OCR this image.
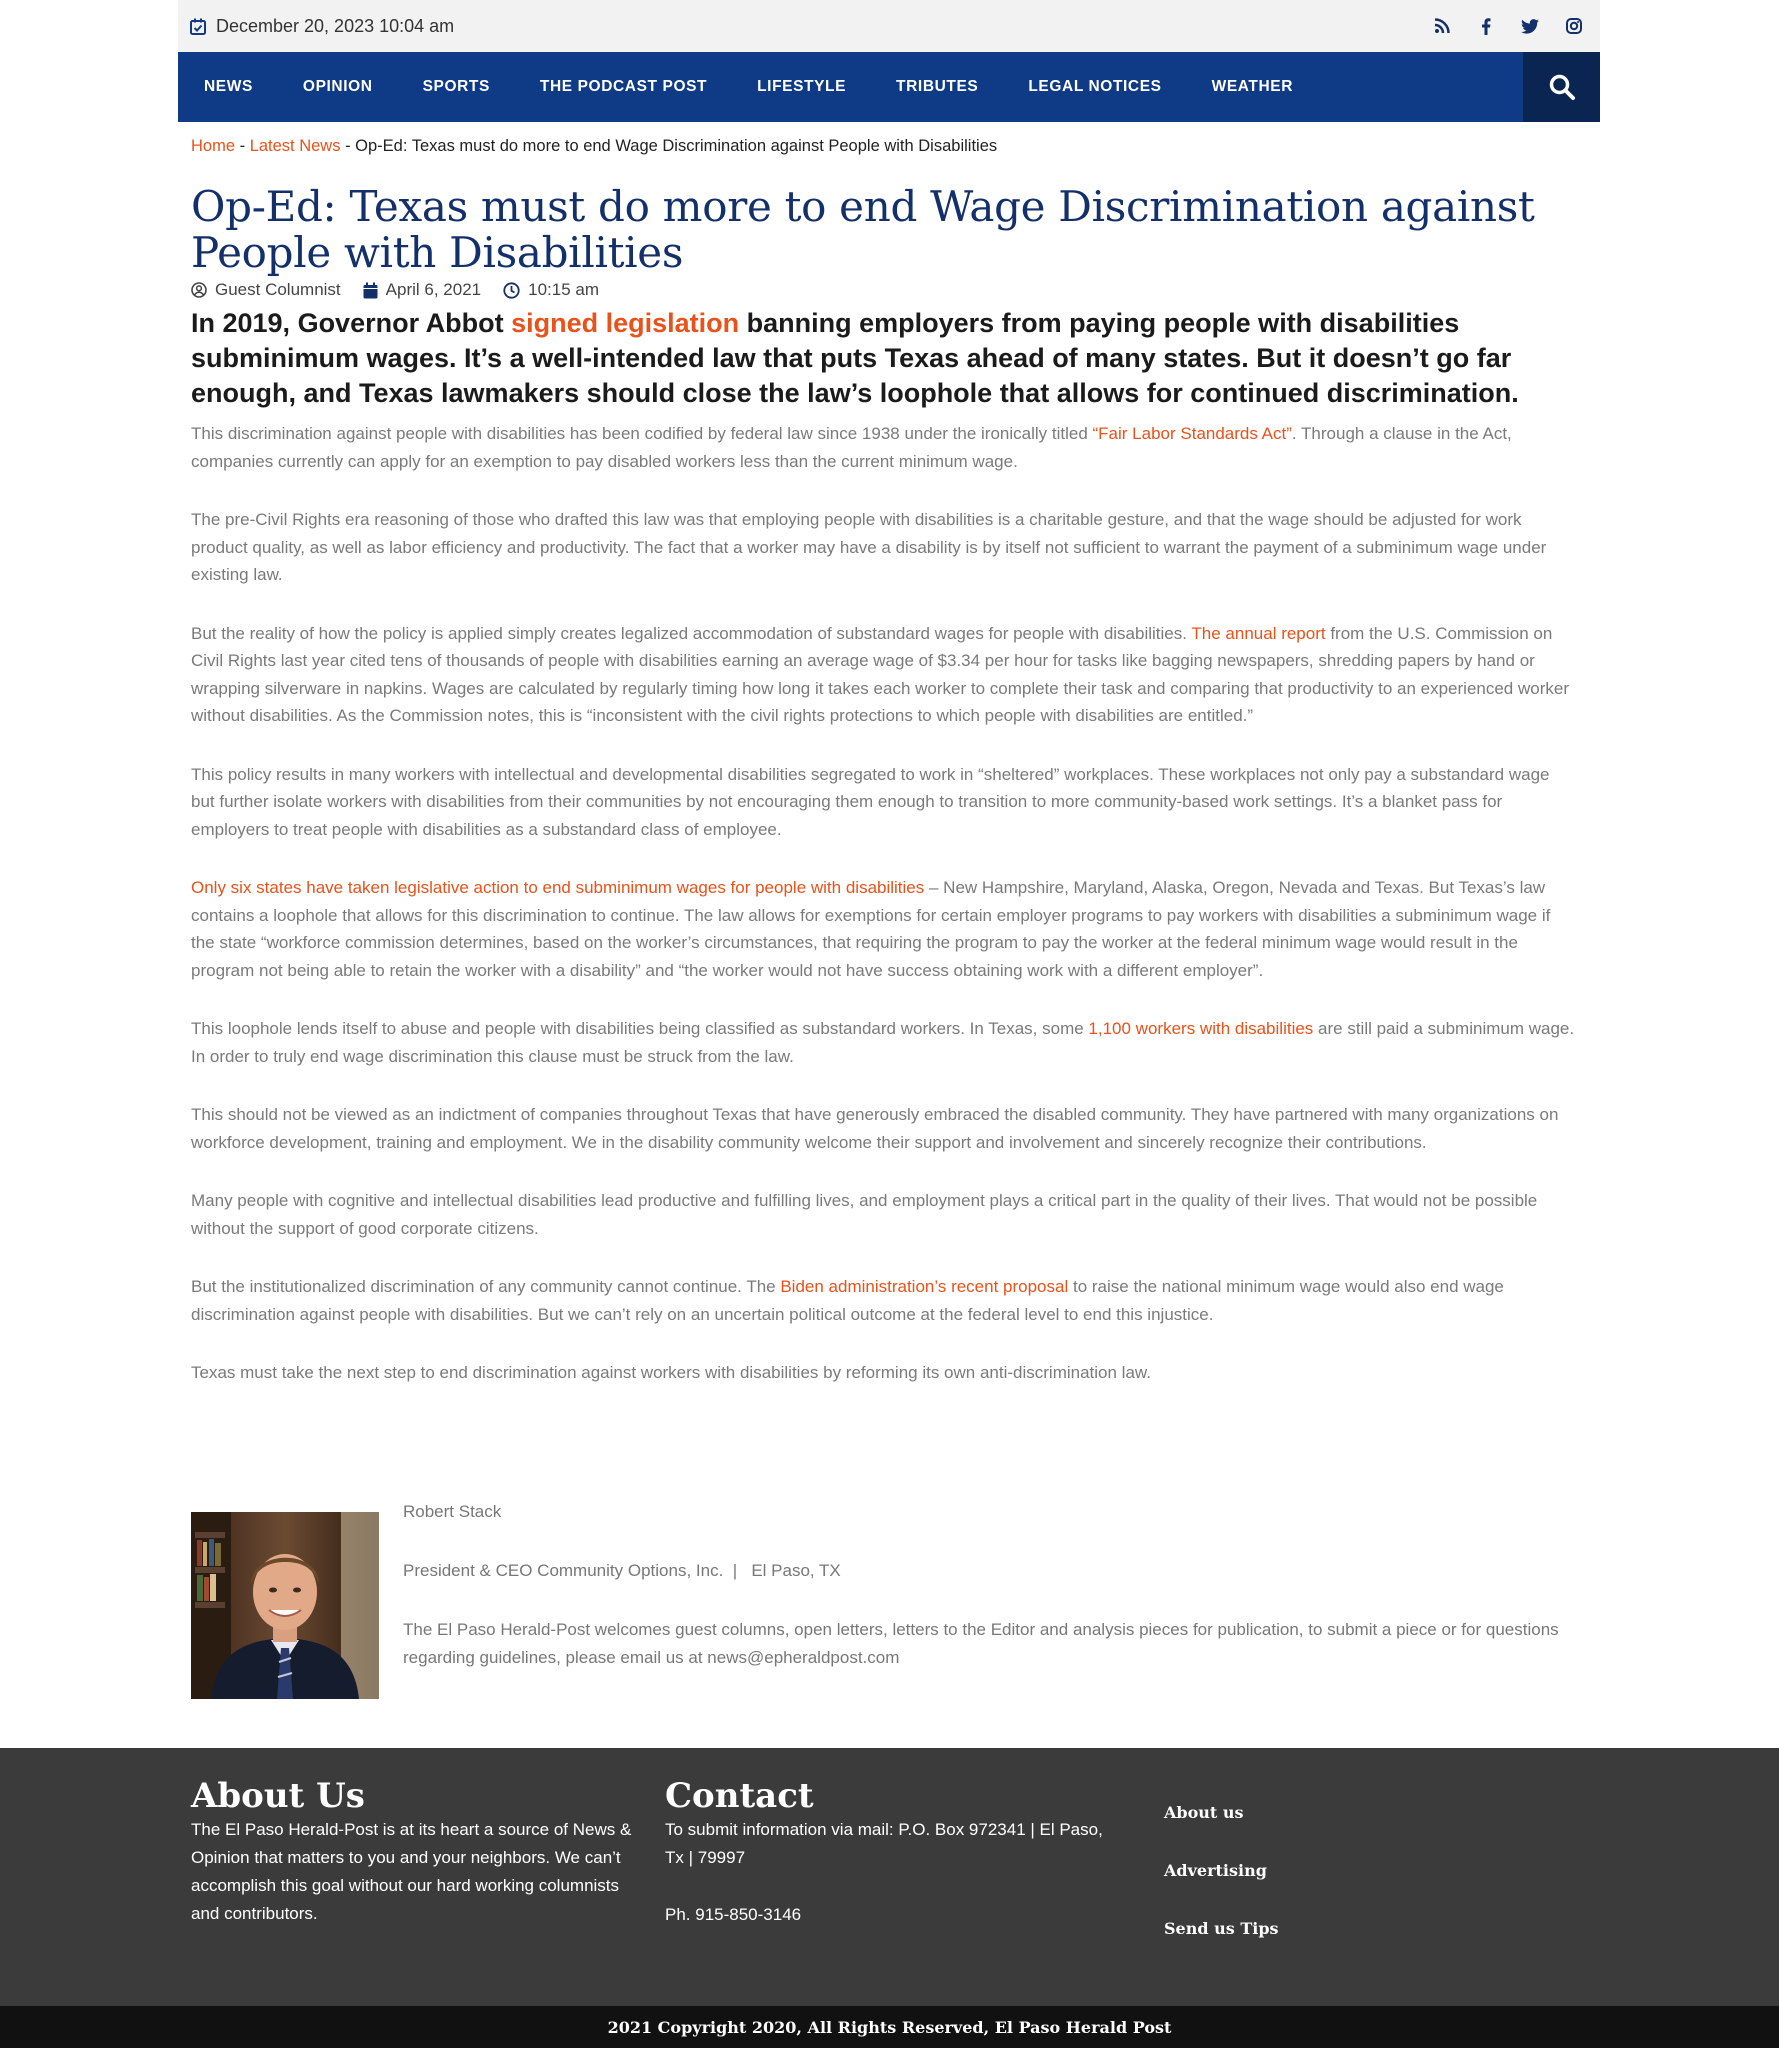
December 20, 2023 10:04 am
NEWS	OPINION	SPORTS	THE PODCAST POST	LIFESTYLE	TRIBUTES	LEGAL NOTICES	WEATHER
Home - Latest News - Op-Ed: Texas must do more to end Wage Discrimination against People with Disabilities
Op-Ed: Texas must do more to end Wage Discrimination against People with Disabilities
Guest Columnist	April 6, 2021	10:15 am

In 2019, Governor Abbot signed legislation banning employers from paying people with disabilities subminimum wages. It’s a well-intended law that puts Texas ahead of many states. But it doesn’t go far enough, and Texas lawmakers should close the law’s loophole that allows for continued discrimination.

This discrimination against people with disabilities has been codified by federal law since 1938 under the ironically titled “Fair Labor Standards Act”. Through a clause in the Act, companies currently can apply for an exemption to pay disabled workers less than the current minimum wage.

The pre-Civil Rights era reasoning of those who drafted this law was that employing people with disabilities is a charitable gesture, and that the wage should be adjusted for work product quality, as well as labor efficiency and productivity. The fact that a worker may have a disability is by itself not sufficient to warrant the payment of a subminimum wage under existing law.

But the reality of how the policy is applied simply creates legalized accommodation of substandard wages for people with disabilities. The annual report from the U.S. Commission on Civil Rights last year cited tens of thousands of people with disabilities earning an average wage of $3.34 per hour for tasks like bagging newspapers, shredding papers by hand or wrapping silverware in napkins. Wages are calculated by regularly timing how long it takes each worker to complete their task and comparing that productivity to an experienced worker without disabilities. As the Commission notes, this is “inconsistent with the civil rights protections to which people with disabilities are entitled.”

This policy results in many workers with intellectual and developmental disabilities segregated to work in “sheltered” workplaces. These workplaces not only pay a substandard wage but further isolate workers with disabilities from their communities by not encouraging them enough to transition to more community-based work settings. It’s a blanket pass for employers to treat people with disabilities as a substandard class of employee.

Only six states have taken legislative action to end subminimum wages for people with disabilities – New Hampshire, Maryland, Alaska, Oregon, Nevada and Texas. But Texas’s law contains a loophole that allows for this discrimination to continue. The law allows for exemptions for certain employer programs to pay workers with disabilities a subminimum wage if the state “workforce commission determines, based on the worker’s circumstances, that requiring the program to pay the worker at the federal minimum wage would result in the program not being able to retain the worker with a disability” and “the worker would not have success obtaining work with a different employer”.

This loophole lends itself to abuse and people with disabilities being classified as substandard workers. In Texas, some 1,100 workers with disabilities are still paid a subminimum wage. In order to truly end wage discrimination this clause must be struck from the law.

This should not be viewed as an indictment of companies throughout Texas that have generously embraced the disabled community. They have partnered with many organizations on workforce development, training and employment. We in the disability community welcome their support and involvement and sincerely recognize their contributions.

Many people with cognitive and intellectual disabilities lead productive and fulfilling lives, and employment plays a critical part in the quality of their lives. That would not be possible without the support of good corporate citizens.

But the institutionalized discrimination of any community cannot continue. The Biden administration’s recent proposal to raise the national minimum wage would also end wage discrimination against people with disabilities. But we can’t rely on an uncertain political outcome at the federal level to end this injustice.

Texas must take the next step to end discrimination against workers with disabilities by reforming its own anti-discrimination law.

Robert Stack

President & CEO Community Options, Inc.  |   El Paso, TX

The El Paso Herald-Post welcomes guest columns, open letters, letters to the Editor and analysis pieces for publication, to submit a piece or for questions regarding guidelines, please email us at news@epheraldpost.com

About Us

The El Paso Herald-Post is at its heart a source of News & Opinion that matters to you and your neighbors. We can’t accomplish this goal without our hard working columnists and contributors.

Contact

To submit information via mail: P.O. Box 972341 | El Paso, Tx | 79997

Ph. 915-850-3146

About us
Advertising
Send us Tips
2021 Copyright 2020, All Rights Reserved, El Paso Herald Post
